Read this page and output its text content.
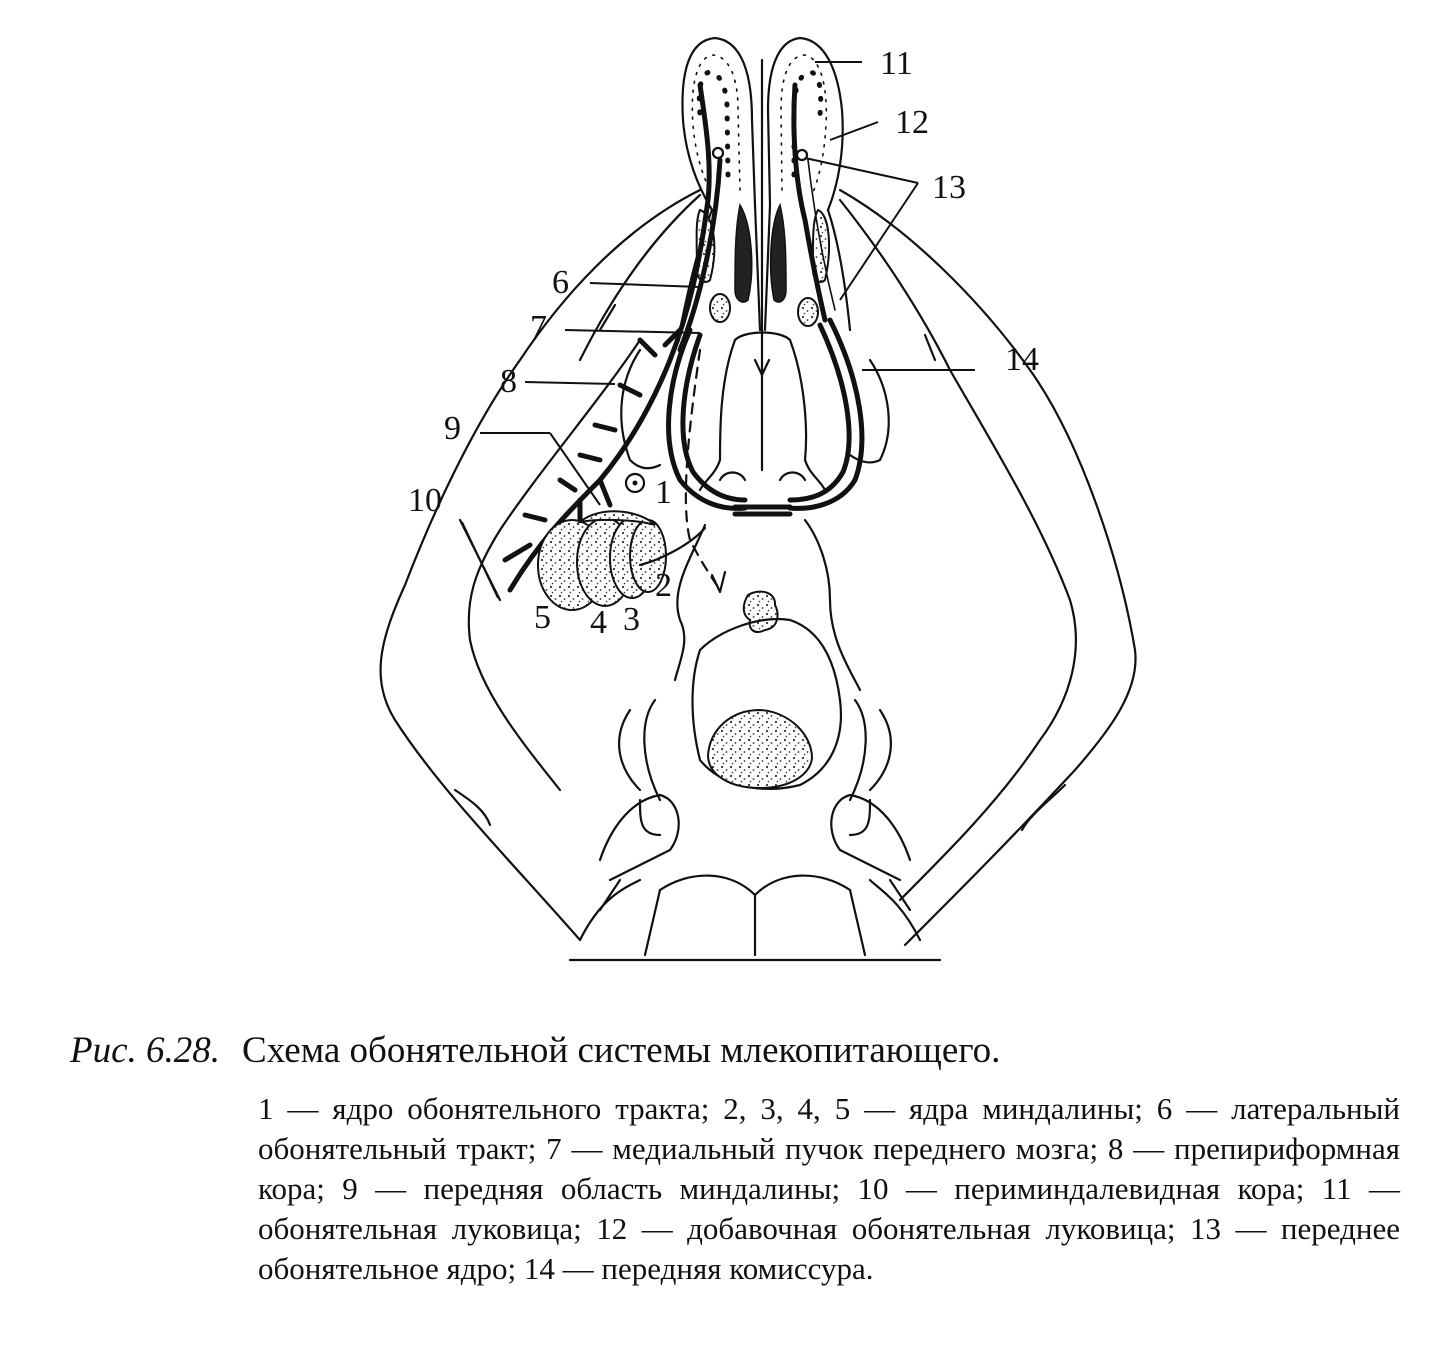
11
12
13
6
7
8
9
10	1
2
3
4
5
14
Рис. 6.28. Схема обонятельной системы млекопитающего.
1 — ядро обонятельного тракта; 2, 3, 4, 5 — ядра миндалины; 6 — латеральный обонятельный тракт; 7 — медиальный пучок переднего мозга; 8 — препириформная кора; 9 — передняя область миндалины; 10 — периминдалевидная кора; 11 — обонятельная луковица; 12 — добавочная обонятельная луковица; 13 — переднее обонятельное ядро; 14 — передняя комиссура.
